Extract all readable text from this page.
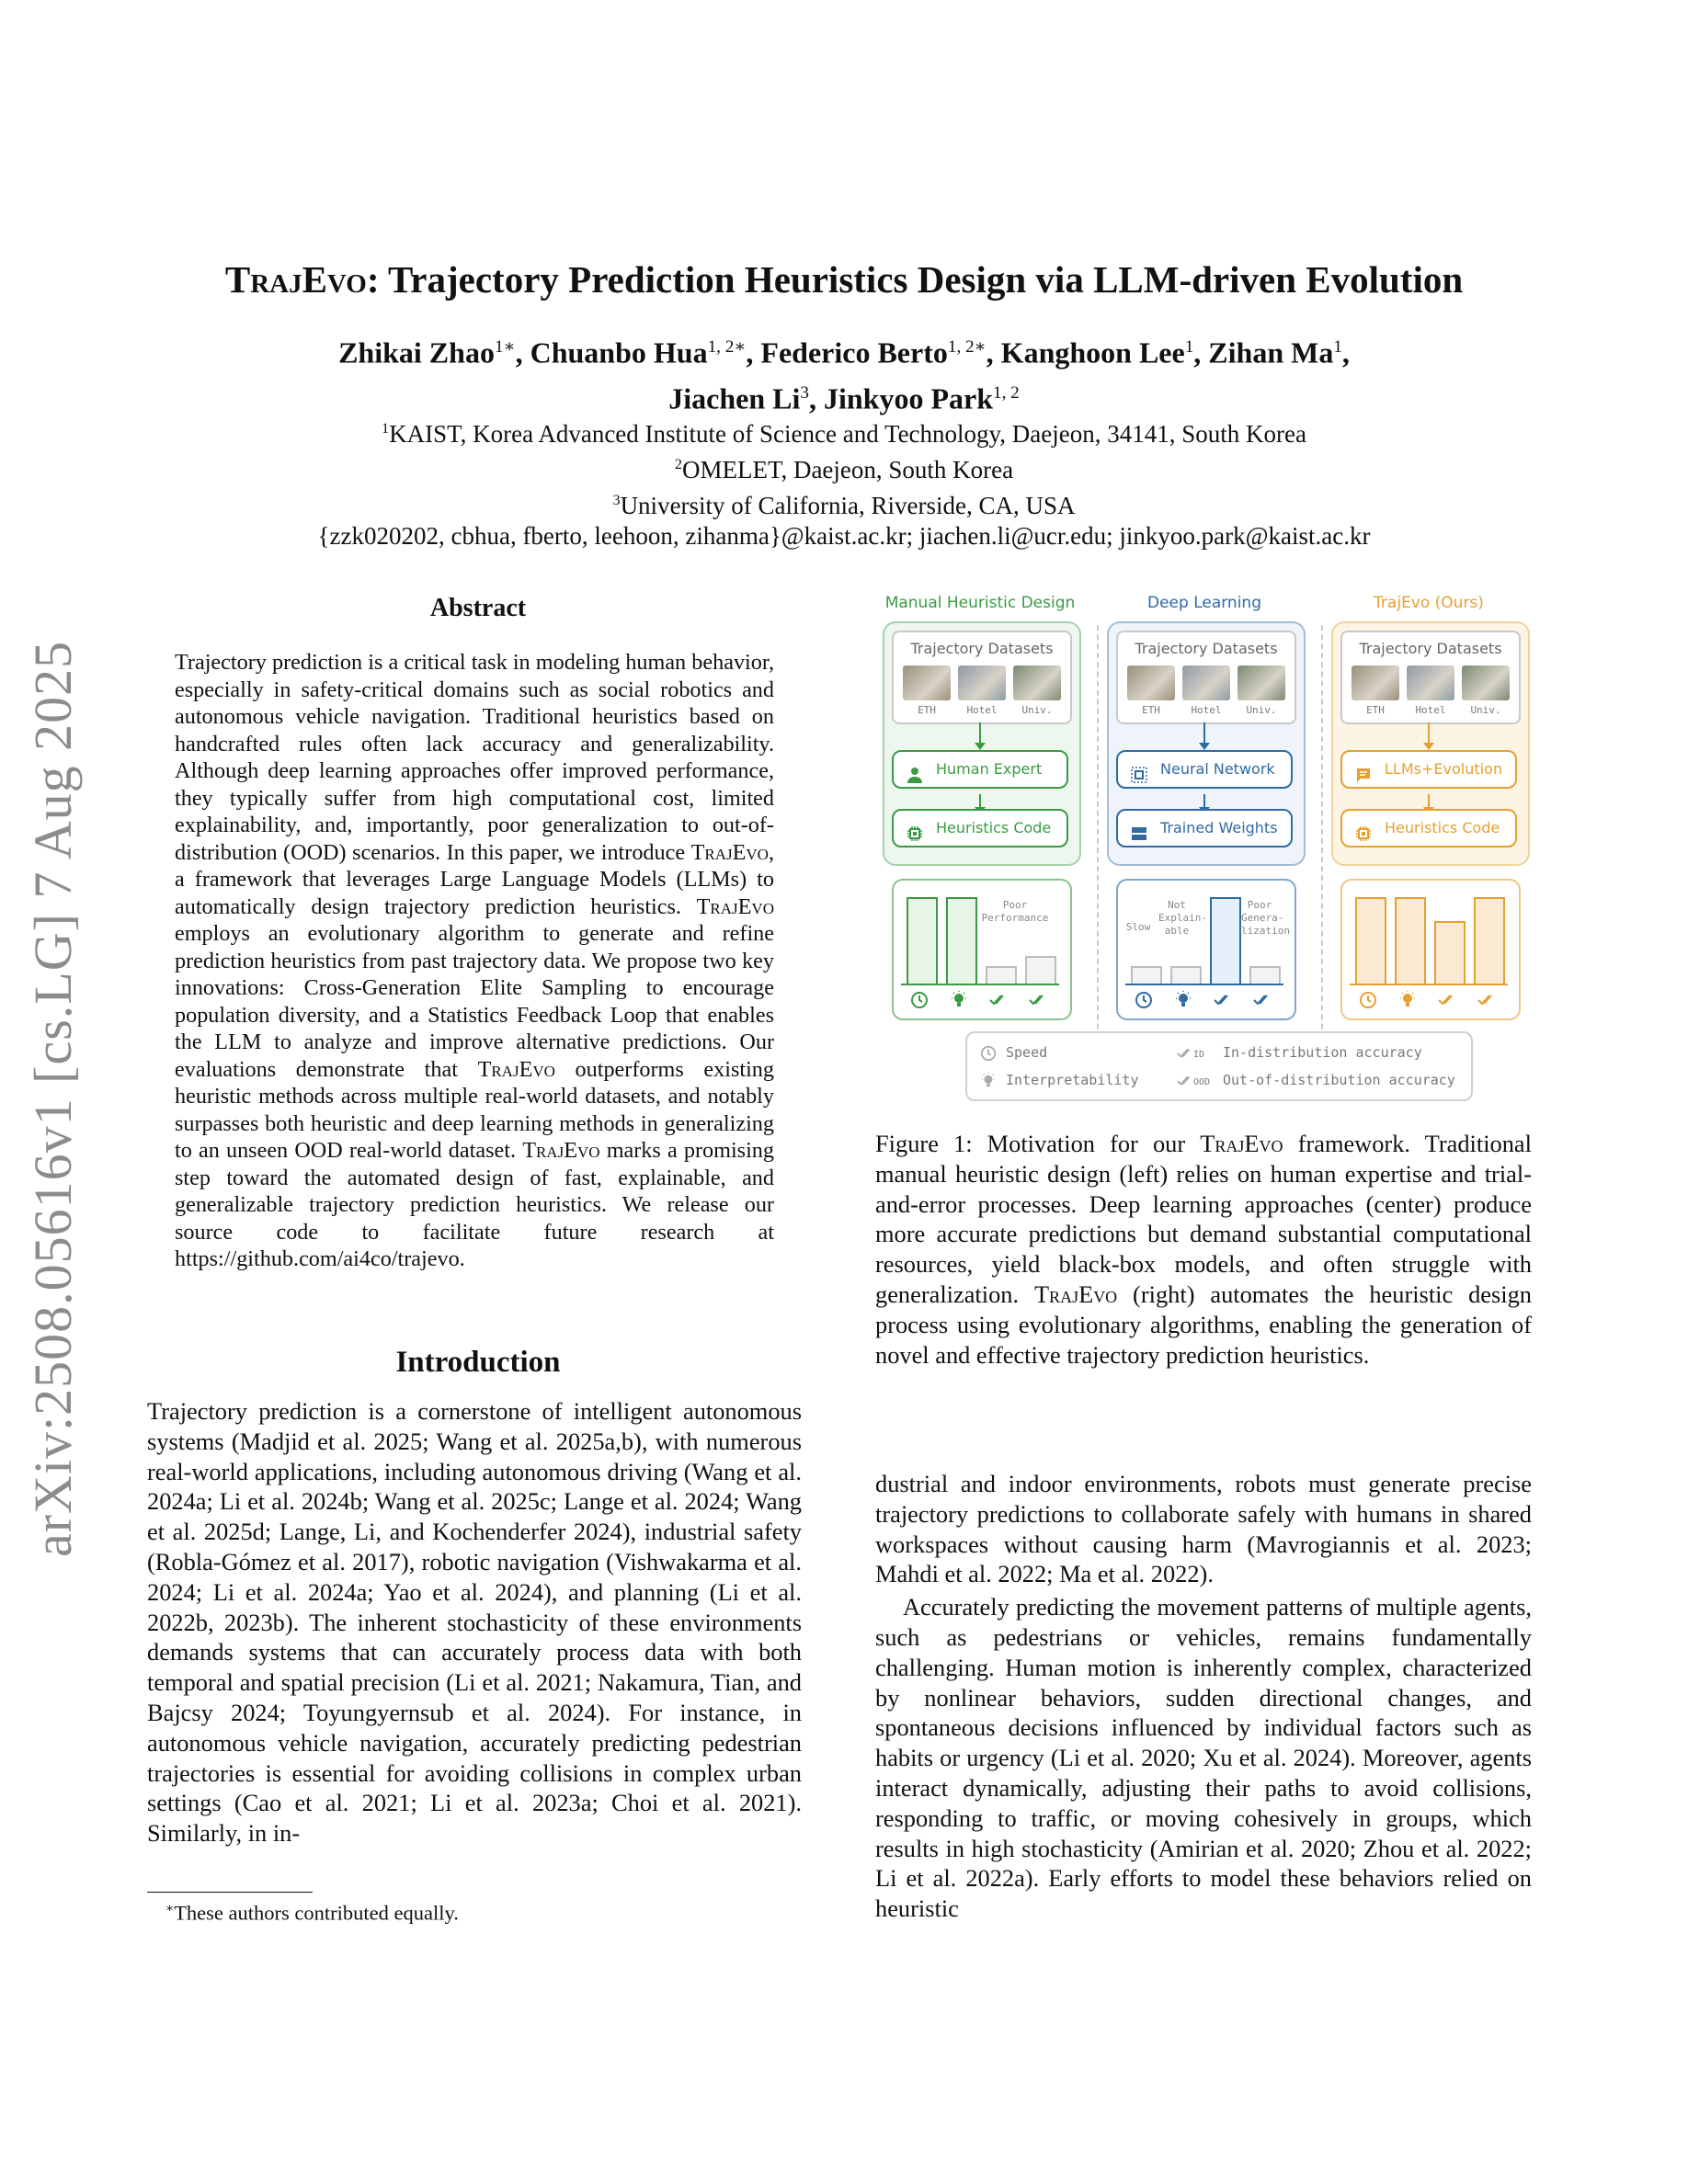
arXiv:2508.05616v1 [cs.LG] 7 Aug 2025
TrajEvo: Trajectory Prediction Heuristics Design via LLM-driven Evolution
Zhikai Zhao$^{1∗}$, Chuanbo Hua$^{1, 2∗}$, Federico Berto$^{1, 2∗}$, Kanghoon Lee$^1$, Zihan Ma$^1$,
Jiachen Li$^3$, Jinkyoo Park$^{1, 2}$
$^1$KAIST, Korea Advanced Institute of Science and Technology, Daejeon, 34141, South Korea
$^2$OMELET, Daejeon, South Korea
$^3$University of California, Riverside, CA, USA
{zzk020202, cbhua, fberto, leehoon, zihanma}@kaist.ac.kr; jiachen.li@ucr.edu; jinkyoo.park@kaist.ac.kr
Abstract
Trajectory prediction is a critical task in modeling human behavior, especially in safety-critical domains such as social robotics and autonomous vehicle navigation. Traditional heuristics based on handcrafted rules often lack accuracy and generalizability. Although deep learning approaches offer improved performance, they typically suffer from high computational cost, limited explainability, and, importantly, poor generalization to out-of-distribution (OOD) scenarios. In this paper, we introduce TrajEvo, a framework that leverages Large Language Models (LLMs) to automatically design trajectory prediction heuristics. TrajEvo employs an evolutionary algorithm to generate and refine prediction heuristics from past trajectory data. We propose two key innovations: Cross-Generation Elite Sampling to encourage population diversity, and a Statistics Feedback Loop that enables the LLM to analyze and improve alternative predictions. Our evaluations demonstrate that TrajEvo outperforms existing heuristic methods across multiple real-world datasets, and notably surpasses both heuristic and deep learning methods in generalizing to an unseen OOD real-world dataset. TrajEvo marks a promising step toward the automated design of fast, explainable, and generalizable trajectory prediction heuristics. We release our source code to facilitate future research at https://github.com/ai4co/trajevo.
Introduction
Trajectory prediction is a cornerstone of intelligent autonomous systems (Madjid et al. 2025; Wang et al. 2025a,b), with numerous real-world applications, including autonomous driving (Wang et al. 2024a; Li et al. 2024b; Wang et al. 2025c; Lange et al. 2024; Wang et al. 2025d; Lange, Li, and Kochenderfer 2024), industrial safety (Robla-Gómez et al. 2017), robotic navigation (Vishwakarma et al. 2024; Li et al. 2024a; Yao et al. 2024), and planning (Li et al. 2022b, 2023b). The inherent stochasticity of these environments demands systems that can accurately process data with both temporal and spatial precision (Li et al. 2021; Nakamura, Tian, and Bajcsy 2024; Toyungyernsub et al. 2024). For instance, in autonomous vehicle navigation, accurately predicting pedestrian trajectories is essential for avoiding collisions in complex urban settings (Cao et al. 2021; Li et al. 2023a; Choi et al. 2021). Similarly, in in-
∗These authors contributed equally.
Manual Heuristic Design
Trajectory Datasets
ETH	Hotel	Univ.
Human Expert
Heuristics Code
Poor
Performance
Deep Learning
Trajectory Datasets
ETH	Hotel	Univ.
Neural Network
Trained Weights
Slow
Not
Explain-
able
Poor
Genera-
lization
TrajEvo (Ours)
Trajectory Datasets
ETH	Hotel	Univ.
LLMs+Evolution
Heuristics Code
Speed
Interpretability
In-distribution accuracy
ID
Out-of-distribution accuracy
OOD
Figure 1: Motivation for our TrajEvo framework. Traditional manual heuristic design (left) relies on human expertise and trial-and-error processes. Deep learning approaches (center) produce more accurate predictions but demand substantial computational resources, yield black-box models, and often struggle with generalization. TrajEvo (right) automates the heuristic design process using evolutionary algorithms, enabling the generation of novel and effective trajectory prediction heuristics.

dustrial and indoor environments, robots must generate precise trajectory predictions to collaborate safely with humans in shared workspaces without causing harm (Mavrogiannis et al. 2023; Mahdi et al. 2022; Ma et al. 2022).

Accurately predicting the movement patterns of multiple agents, such as pedestrians or vehicles, remains fundamentally challenging. Human motion is inherently complex, characterized by nonlinear behaviors, sudden directional changes, and spontaneous decisions influenced by individual factors such as habits or urgency (Li et al. 2020; Xu et al. 2024). Moreover, agents interact dynamically, adjusting their paths to avoid collisions, responding to traffic, or moving cohesively in groups, which results in high stochasticity (Amirian et al. 2020; Zhou et al. 2022; Li et al. 2022a). Early efforts to model these behaviors relied on heuristic
